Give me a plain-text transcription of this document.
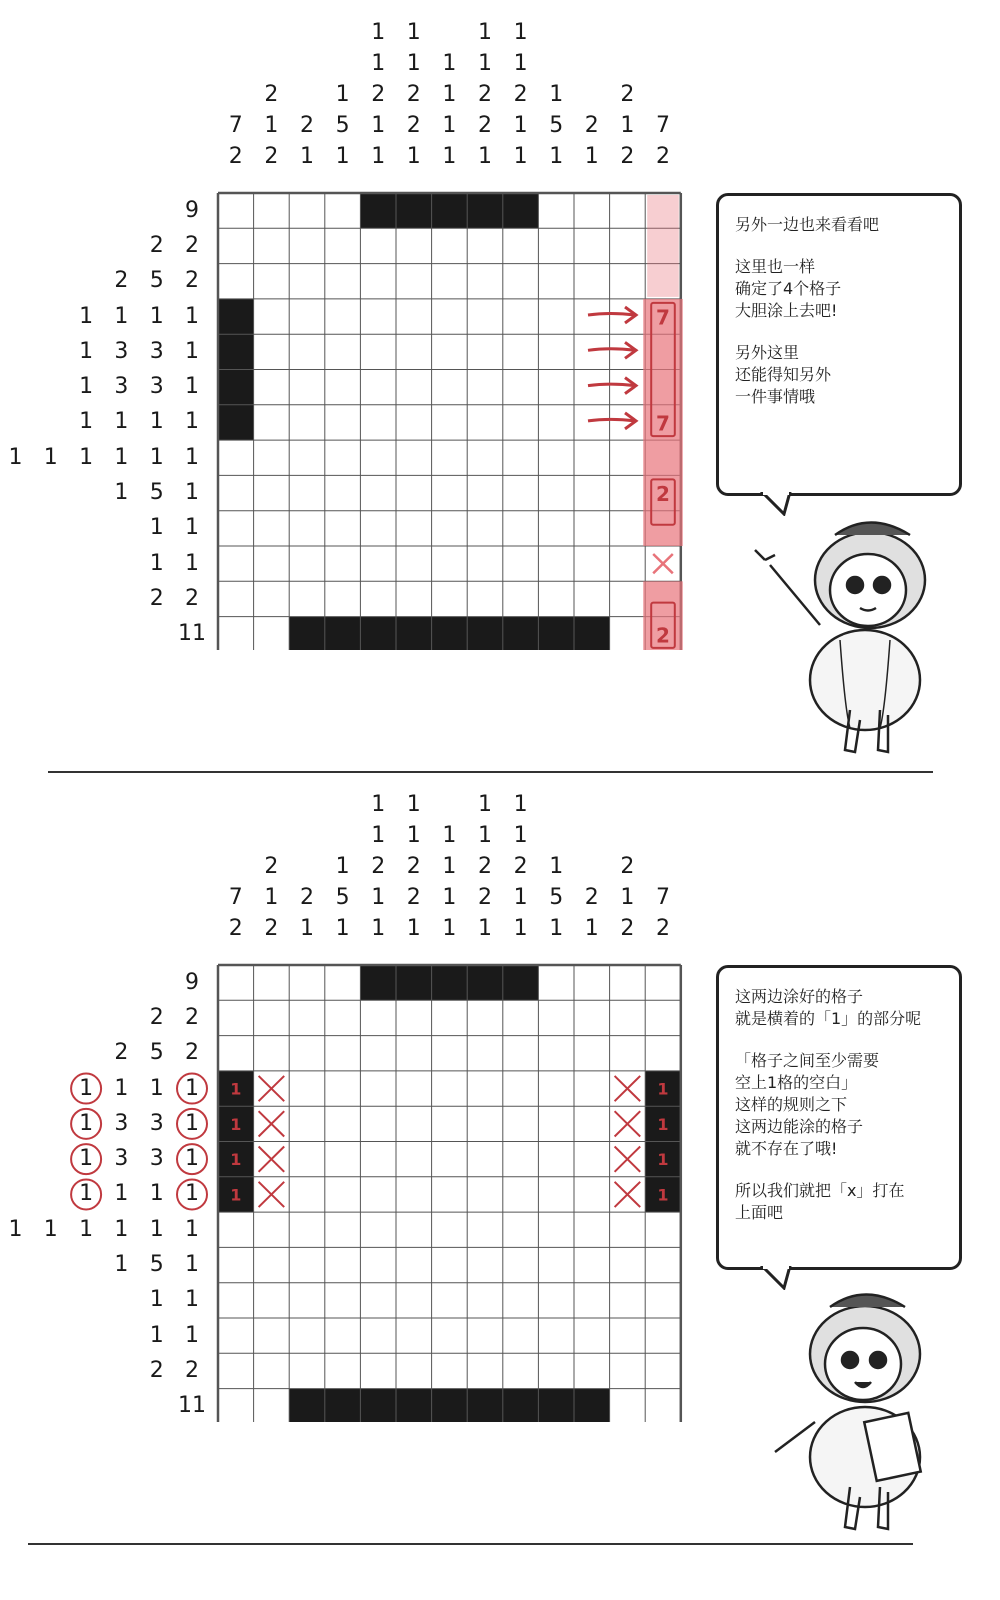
7
2
2
1
2
2
1
1
5
1
1
1
2
1
1
1
1
2
2
1
1
1
1
1
1
1
2
2
1
1
1
2
1
1
1
5
1
2
1
2
1
2
7
2
9
2 2
2 5 2
1 1 1 1
1 3 3 1
1 3 3 1
1 1 1 1
1 1 1 1 1 1
1 5 1
1 1
1 1
2 2
11
7
7
2
2

另外一边也来看看吧

这里也一样
确定了4个格子
大胆涂上去吧!

另外这里
还能得知另外
一件事情哦

7
2
2
1
2
2
1
1
5
1
1
1
2
1
1
1
1
2
2
1
1
1
1
1
1
1
2
2
1
1
1
2
1
1
1
5
1
2
1
2
1
2
7
2
9
2 2
2 5 2
1 1 1 1
1 3 3 1
1 3 3 1
1 1 1 1
1 1 1 1 1 1
1 5 1
1 1
1 1
2 2
11
1
1
1
1
1
1
1
1

这两边涂好的格子
就是横着的「1」的部分呢

「格子之间至少需要
空上1格的空白」
这样的规则之下
这两边能涂的格子
就不存在了哦!

所以我们就把「x」打在
上面吧
